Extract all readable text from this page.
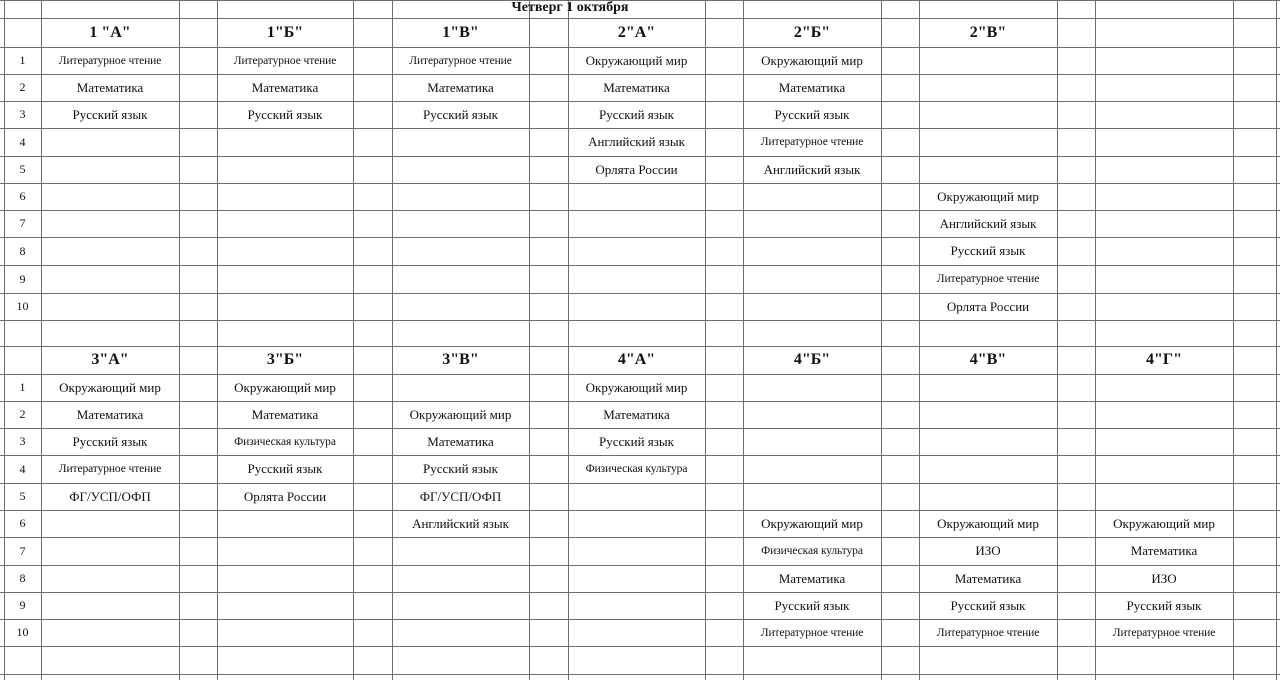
Четверг 1 октября
1
2
3
4
5
6
7
8
9
10
1 "А"
Литературное чтение
Математика
Русский язык
1"Б"
Литературное чтение
Математика
Русский язык
1"В"
Литературное чтение
Математика
Русский язык
2"А"
Окружающий мир
Математика
Русский язык
Английский язык
Орлята России
2"Б"
Окружающий мир
Математика
Русский язык
Литературное чтение
Английский язык
2"В"
Окружающий мир
Английский язык
Русский язык
Литературное чтение
Орлята России
1
2
3
4
5
6
7
8
9
10
3"А"
Окружающий мир
Математика
Русский язык
Литературное чтение
ФГ/УСП/ОФП
3"Б"
Окружающий мир
Математика
Физическая культура
Русский язык
Орлята России
3"В"
Окружающий мир
Математика
Русский язык
ФГ/УСП/ОФП
Английский язык
4"А"
Окружающий мир
Математика
Русский язык
Физическая культура
4"Б"
Окружающий мир
Физическая культура
Математика
Русский язык
Литературное чтение
4"В"
Окружающий мир
ИЗО
Математика
Русский язык
Литературное чтение
4"Г"
Окружающий мир
Математика
ИЗО
Русский язык
Литературное чтение
